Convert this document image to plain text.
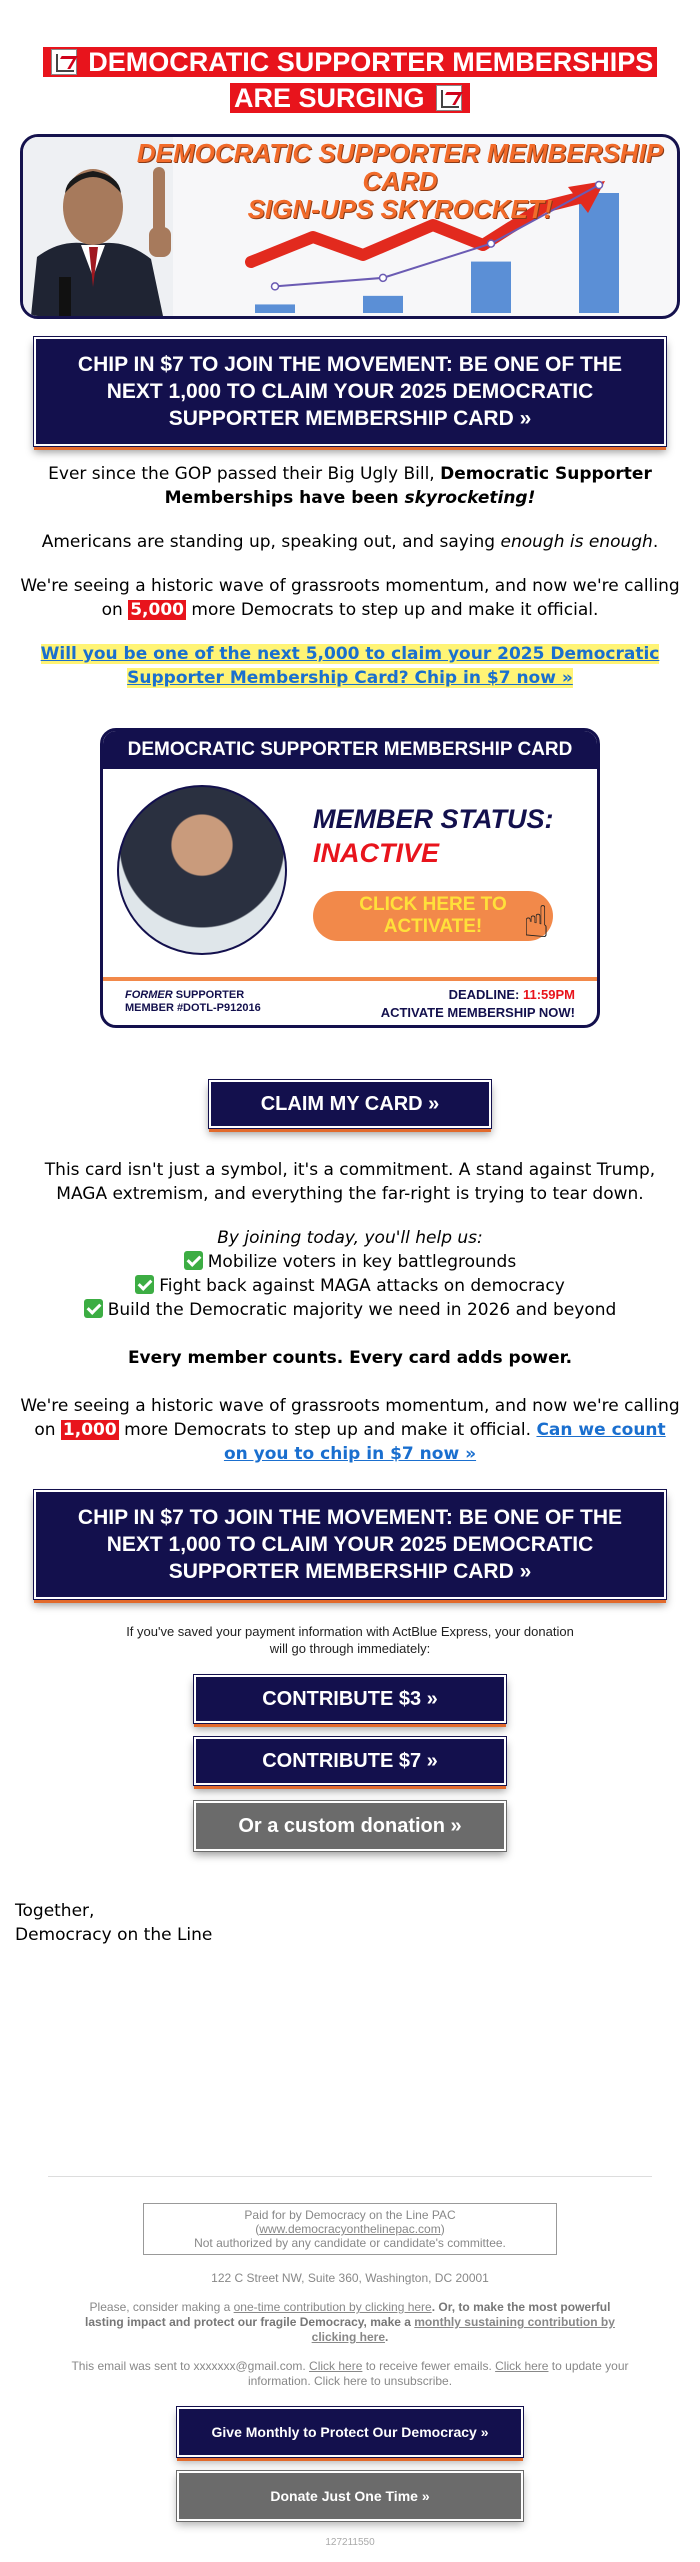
DEMOCRATIC SUPPORTER MEMBERSHIPS ARE SURGING
DEMOCRATIC SUPPORTER MEMBERSHIP CARD
SIGN-UPS SKYROCKET!
CHIP IN $7 TO JOIN THE MOVEMENT: BE ONE OF THE NEXT 1,000 TO CLAIM YOUR 2025 DEMOCRATIC SUPPORTER MEMBERSHIP CARD »

Ever since the GOP passed their Big Ugly Bill, Democratic Supporter Memberships have been skyrocketing!

Americans are standing up, speaking out, and saying enough is enough.

We're seeing a historic wave of grassroots momentum, and now we're calling on 5,000 more Democrats to step up and make it official.

Will you be one of the next 5,000 to claim your 2025 Democratic Supporter Membership Card? Chip in $7 now »

DEMOCRATIC SUPPORTER MEMBERSHIP CARD
MEMBER STATUS:
INACTIVE
CLICK HERE TO ACTIVATE! ☝
FORMER SUPPORTER
MEMBER #DOTL-P912016
DEADLINE: 11:59PM
ACTIVATE MEMBERSHIP NOW!
CLAIM MY CARD »

This card isn't just a symbol, it's a commitment. A stand against Trump, MAGA extremism, and everything the far-right is trying to tear down.

By joining today, you'll help us:

Mobilize voters in key battlegrounds
Fight back against MAGA attacks on democracy
Build the Democratic majority we need in 2026 and beyond

Every member counts. Every card adds power.

We're seeing a historic wave of grassroots momentum, and now we're calling on 1,000 more Democrats to step up and make it official. Can we count on you to chip in $7 now »

CHIP IN $7 TO JOIN THE MOVEMENT: BE ONE OF THE NEXT 1,000 TO CLAIM YOUR 2025 DEMOCRATIC SUPPORTER MEMBERSHIP CARD »
If you've saved your payment information with ActBlue Express, your donation will go through immediately:
CONTRIBUTE $3 »
CONTRIBUTE $7 »
Or a custom donation »
Together,
Democracy on the Line
Paid for by Democracy on the Line PAC
(www.democracyonthelinepac.com)
Not authorized by any candidate or candidate's committee.
122 C Street NW, Suite 360, Washington, DC 20001
Please, consider making a one-time contribution by clicking here. Or, to make the most powerful lasting impact and protect our fragile Democracy, make a monthly sustaining contribution by clicking here.
This email was sent to xxxxxxx@gmail.com. Click here to receive fewer emails. Click here to update your information. Click here to unsubscribe.
Give Monthly to Protect Our Democracy »
Donate Just One Time »
127211550
